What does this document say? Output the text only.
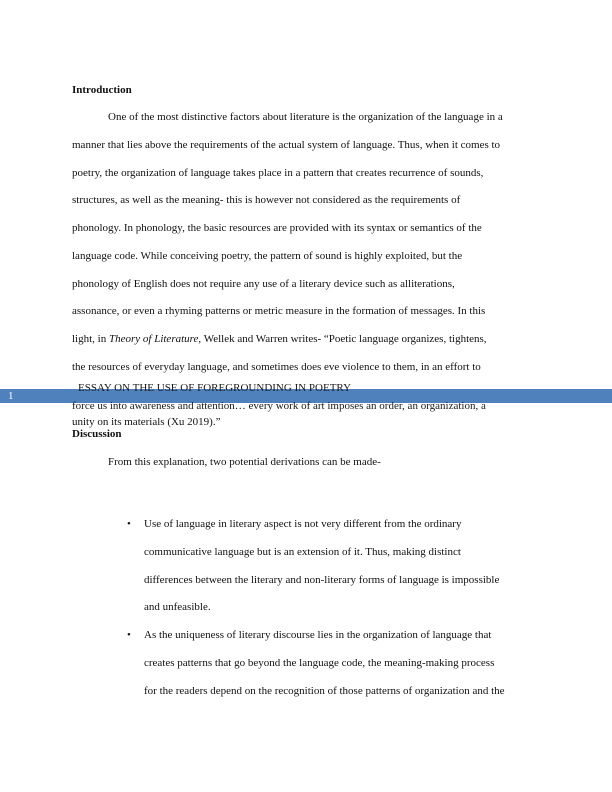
Introduction

One of the most distinctive factors about literature is the organization of the language in a

manner that lies above the requirements of the actual system of language. Thus, when it comes to

poetry, the organization of language takes place in a pattern that creates recurrence of sounds,

structures, as well as the meaning- this is however not considered as the requirements of

phonology. In phonology, the basic resources are provided with its syntax or semantics of the

language code. While conceiving poetry, the pattern of sound is highly exploited, but the

phonology of English does not require any use of a literary device such as alliterations,

assonance, or even a rhyming patterns or metric measure in the formation of messages. In this

light, in Theory of Literature, Wellek and Warren writes- “Poetic language organizes, tightens,

the resources of everyday language, and sometimes does eve violence to them, in an effort to

1

force us into awareness and attention… every work of art imposes an order, an organization, a

ESSAY ON THE USE OF FOREGROUNDING IN POETRY

unity on its materials (Xu 2019).”

Discussion

From this explanation, two potential derivations can be made-

• Use of language in literary aspect is not very different from the ordinary

communicative language but is an extension of it. Thus, making distinct

differences between the literary and non-literary forms of language is impossible

and unfeasible.

• As the uniqueness of literary discourse lies in the organization of language that

creates patterns that go beyond the language code, the meaning-making process

for the readers depend on the recognition of those patterns of organization and the
